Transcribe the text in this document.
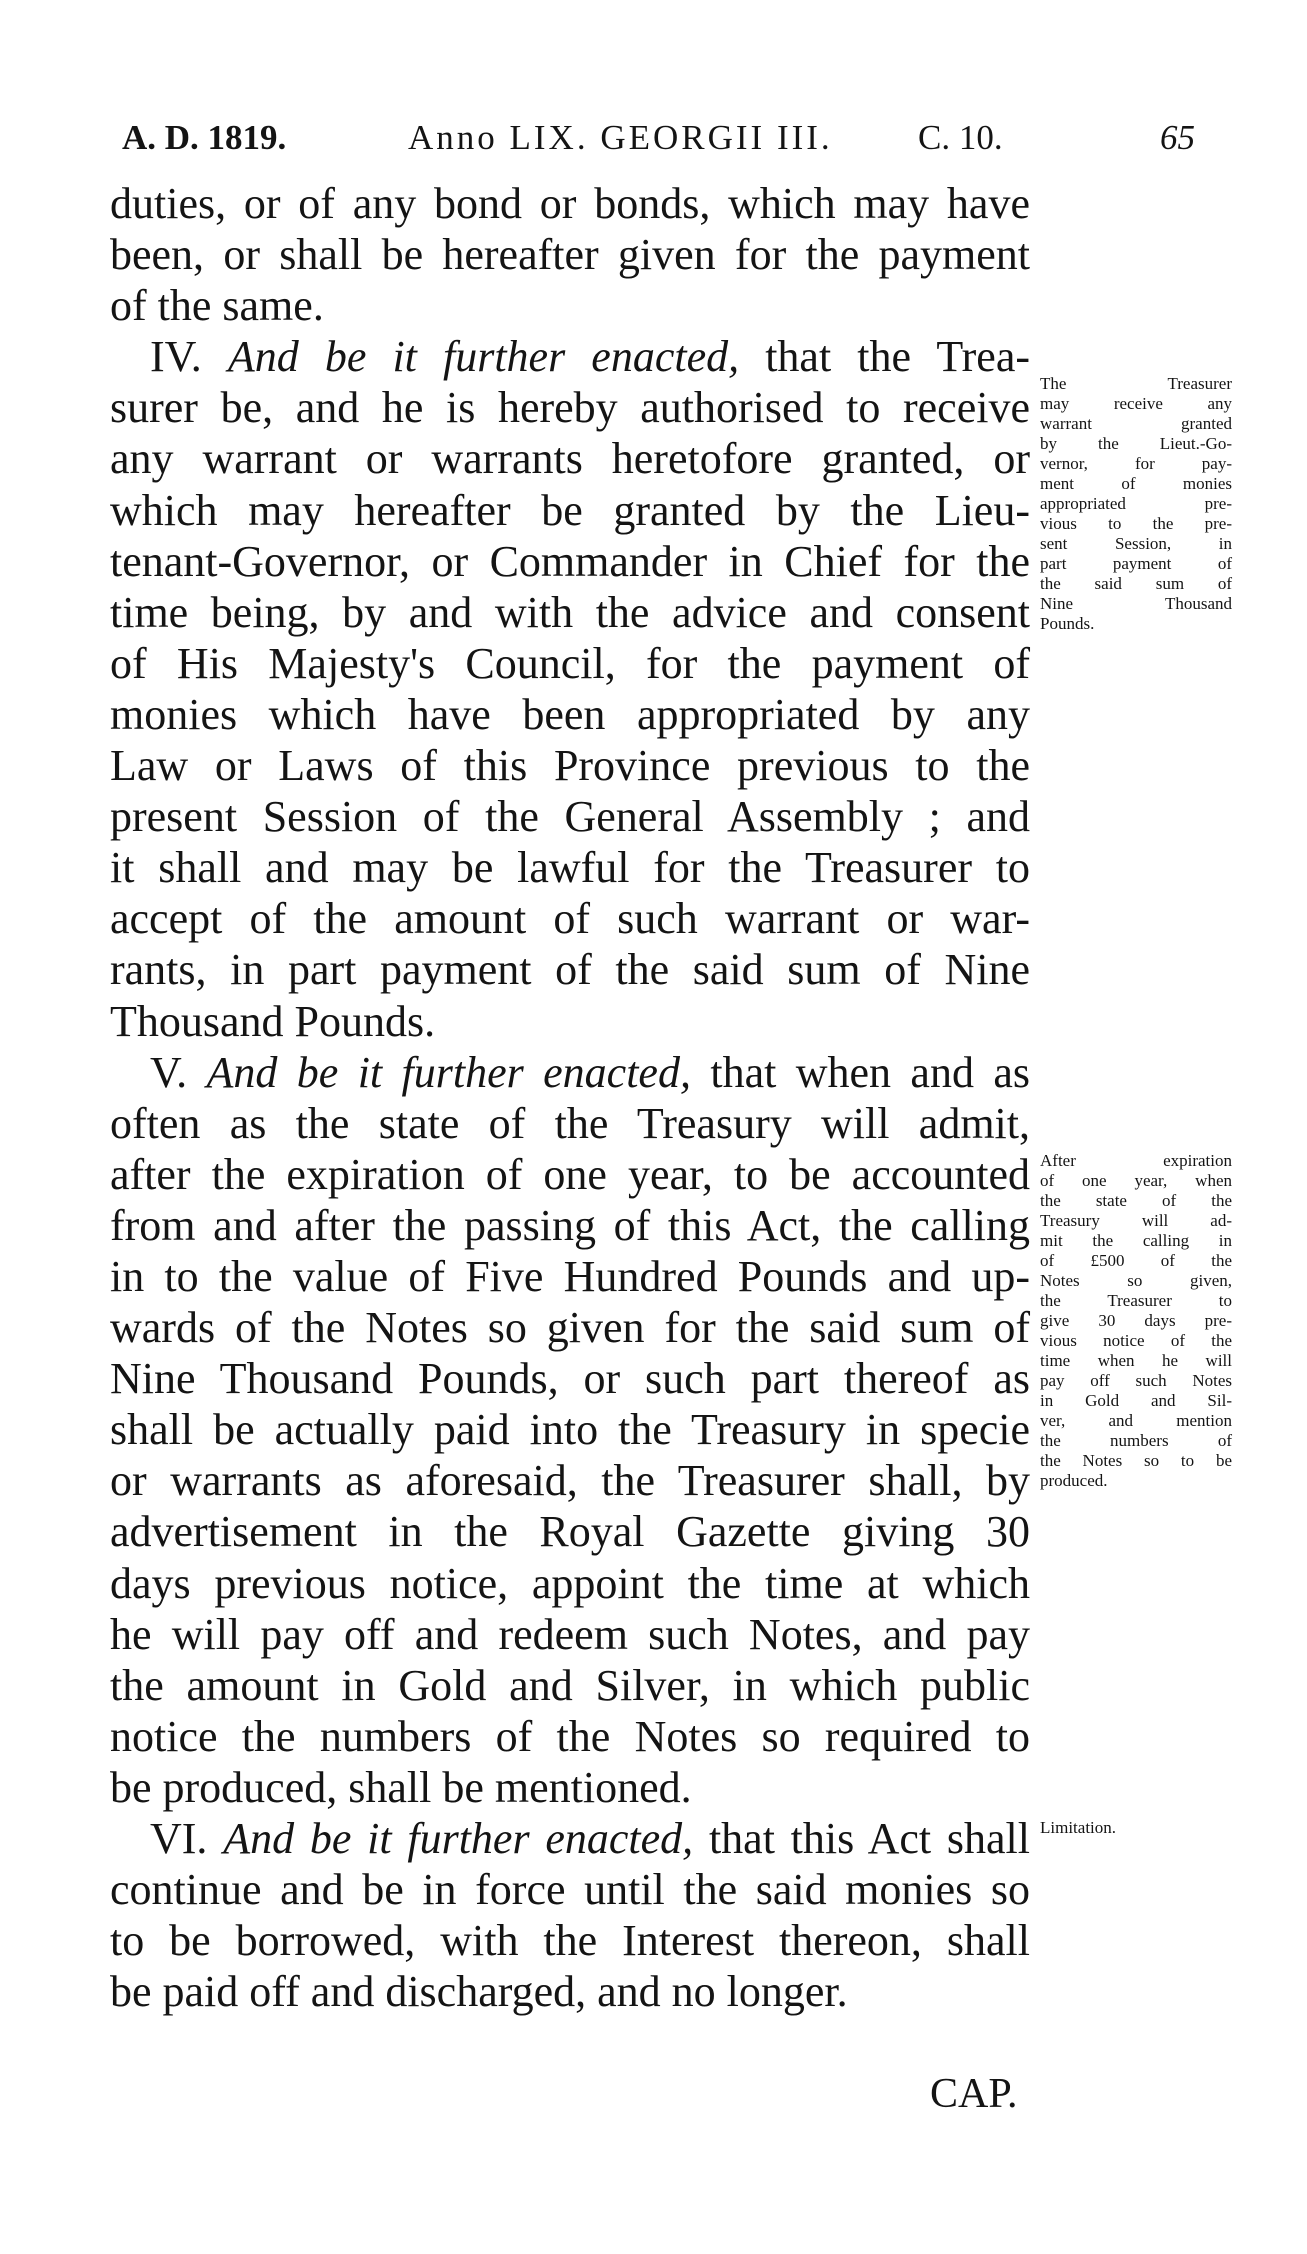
A. D. 1819.	Anno LIX. GEORGII III. C. 10.	65
duties, or of any bond or bonds, which may have
been, or shall be hereafter given for the payment
of the same.
IV. And be it further enacted, that the Trea-
surer be, and he is hereby authorised to receive
any warrant or warrants heretofore granted, or
which may hereafter be granted by the Lieu-
tenant-Governor, or Commander in Chief for the
time being, by and with the advice and consent
of His Majesty's Council, for the payment of
monies which have been appropriated by any
Law or Laws of this Province previous to the
present Session of the General Assembly ; and
it shall and may be lawful for the Treasurer to
accept of the amount of such warrant or war-
rants, in part payment of the said sum of Nine
Thousand Pounds.
V. And be it further enacted, that when and as
often as the state of the Treasury will admit,
after the expiration of one year, to be accounted
from and after the passing of this Act, the calling
in to the value of Five Hundred Pounds and up-
wards of the Notes so given for the said sum of
Nine Thousand Pounds, or such part thereof as
shall be actually paid into the Treasury in specie
or warrants as aforesaid, the Treasurer shall, by
advertisement in the Royal Gazette giving 30
days previous notice, appoint the time at which
he will pay off and redeem such Notes, and pay
the amount in Gold and Silver, in which public
notice the numbers of the Notes so required to
be produced, shall be mentioned.
VI. And be it further enacted, that this Act shall
continue and be in force until the said monies so
to be borrowed, with the Interest thereon, shall
be paid off and discharged, and no longer.
The Treasurer
may receive any
warrant granted
by the Lieut.-Go-
vernor, for pay-
ment of monies
appropriated pre-
vious to the pre-
sent Session, in
part payment of
the said sum of
Nine Thousand
Pounds.
After expiration
of one year, when
the state of the
Treasury will ad-
mit the calling in
of £500 of the
Notes so given,
the Treasurer to
give 30 days pre-
vious notice of the
time when he will
pay off such Notes
in Gold and Sil-
ver, and mention
the numbers of
the Notes so to be
produced.
Limitation.
CAP.
